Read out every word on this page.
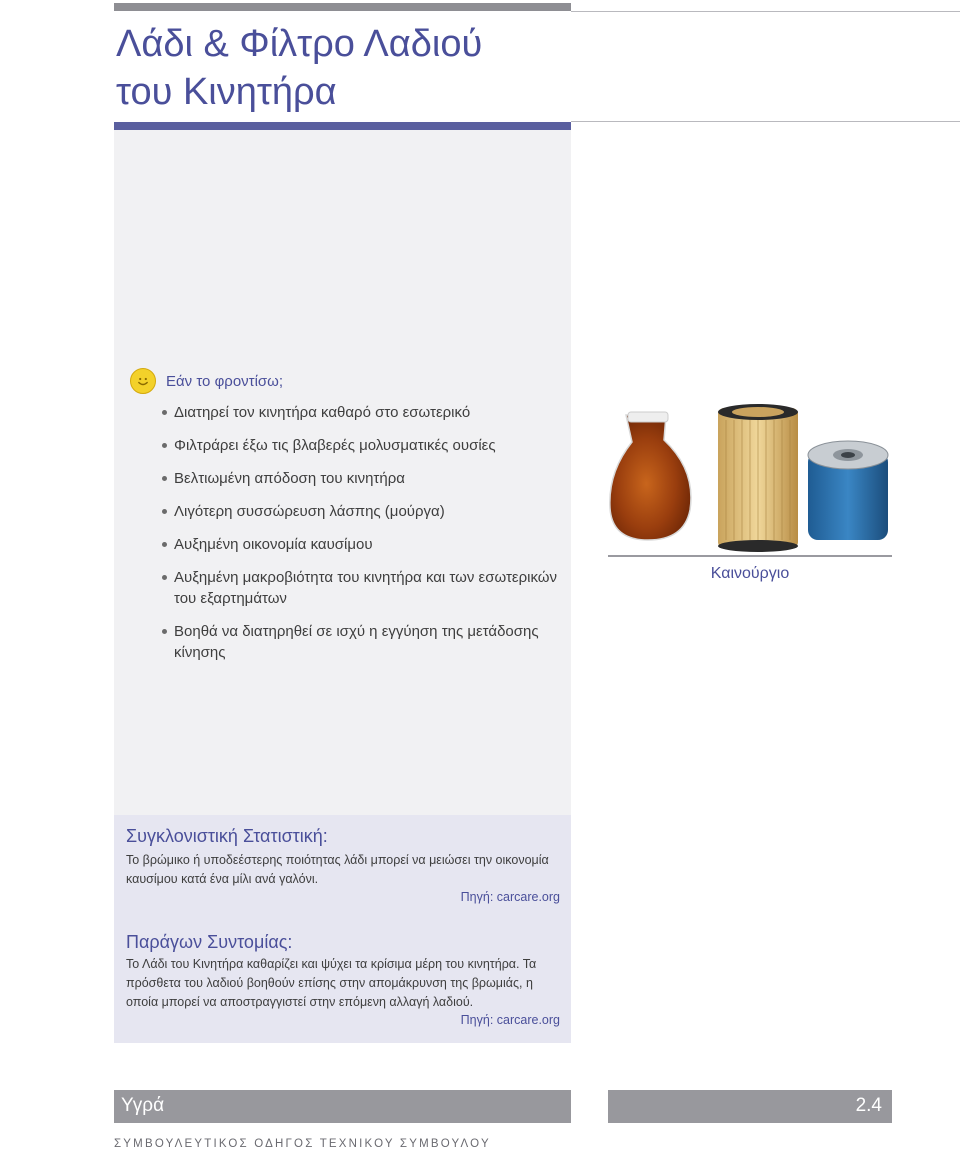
Λάδι & Φίλτρο Λαδιού
του Κινητήρα
Εάν το φροντίσω;
Διατηρεί τον κινητήρα καθαρό στο εσωτερικό
Φιλτράρει έξω τις βλαβερές μολυσματικές ουσίες
Βελτιωμένη απόδοση του κινητήρα
Λιγότερη συσσώρευση λάσπης (μούργα)
Αυξημένη οικονομία καυσίμου
Αυξημένη μακροβιότητα του κινητήρα και των εσωτερικών του εξαρτημάτων
Βοηθά να διατηρηθεί σε ισχύ η εγγύηση της μετάδοσης κίνησης
Συγκλονιστική Στατιστική:
Το βρώμικο ή υποδεέστερης ποιότητας λάδι μπορεί να μειώσει την οικονομία καυσίμου κατά ένα μίλι ανά γαλόνι.
Πηγή: carcare.org
Παράγων Συντομίας:
Το Λάδι του Κινητήρα καθαρίζει και ψύχει τα κρίσιμα μέρη του κινητήρα. Τα πρόσθετα του λαδιού βοηθούν επίσης στην απομάκρυνση της βρωμιάς, η οποία μπορεί να αποστραγγιστεί στην επόμενη αλλαγή λαδιού.
Πηγή: carcare.org
Καινούργιο
Υγρά	2.4
ΣΥΜΒΟΥΛΕΥΤΙΚΟΣ ΟΔΗΓΟΣ ΤΕΧΝΙΚΟΥ ΣΥΜΒΟΥΛΟΥ
